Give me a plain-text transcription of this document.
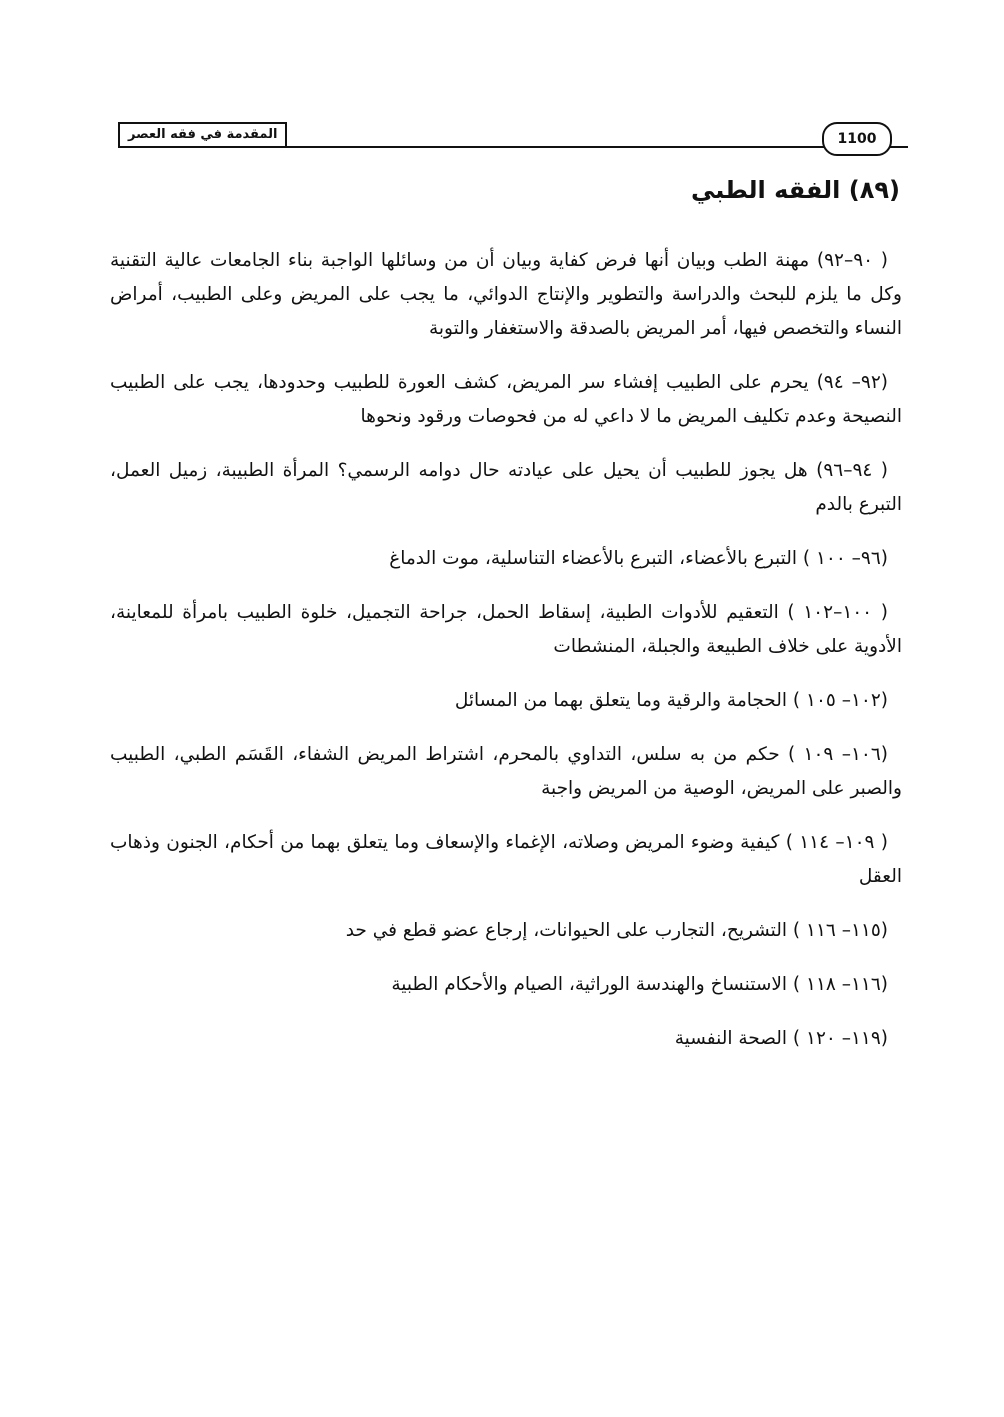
المقدمة في فقه العصر	1100
(٨٩) الفقه الطبي

( ٩٠–٩٢) مهنة الطب وبيان أنها فرض كفاية وبيان أن من وسائلها الواجبة بناء الجامعات عالية التقنية وكل ما يلزم للبحث والدراسة والتطوير والإنتاج الدوائي، ما يجب على المريض وعلى الطبيب، أمراض النساء والتخصص فيها، أمر المريض بالصدقة والاستغفار والتوبة

(٩٢– ٩٤) يحرم على الطبيب إفشاء سر المريض، كشف العورة للطبيب وحدودها، يجب على الطبيب النصيحة وعدم تكليف المريض ما لا داعي له من فحوصات ورقود ونحوها

( ٩٤–٩٦) هل يجوز للطبيب أن يحيل على عيادته حال دوامه الرسمي؟ المرأة الطبيبة، زميل العمل، التبرع بالدم

(٩٦– ١٠٠ ) التبرع بالأعضاء، التبرع بالأعضاء التناسلية، موت الدماغ

( ١٠٠–١٠٢ ) التعقيم للأدوات الطبية، إسقاط الحمل، جراحة التجميل، خلوة الطبيب بامرأة للمعاينة، الأدوية على خلاف الطبيعة والجبلة، المنشطات

(١٠٢– ١٠٥ ) الحجامة والرقية وما يتعلق بهما من المسائل

(١٠٦– ١٠٩ ) حكم من به سلس، التداوي بالمحرم، اشتراط المريض الشفاء، القَسَم الطبي، الطبيب والصبر على المريض، الوصية من المريض واجبة

( ١٠٩– ١١٤ ) كيفية وضوء المريض وصلاته، الإغماء والإسعاف وما يتعلق بهما من أحكام، الجنون وذهاب العقل

(١١٥– ١١٦ ) التشريح، التجارب على الحيوانات، إرجاع عضو قطع في حد

(١١٦– ١١٨ ) الاستنساخ والهندسة الوراثية، الصيام والأحكام الطبية

(١١٩– ١٢٠ ) الصحة النفسية
